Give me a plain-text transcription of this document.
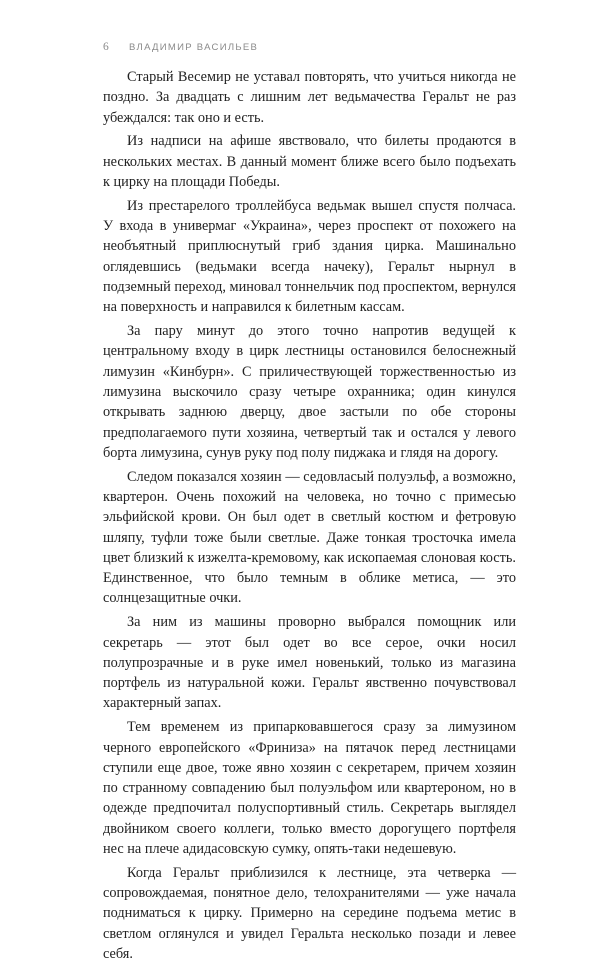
6	ВЛАДИМИР ВАСИЛЬЕВ

Старый Весемир не уставал повторять, что учиться никогда не поздно. За двадцать с лишним лет ведьмачества Геральт не раз убеждался: так оно и есть.

Из надписи на афише явствовало, что билеты продаются в нескольких местах. В данный момент ближе всего было подъехать к цирку на площади Победы.

Из престарелого троллейбуса ведьмак вышел спустя полчаса. У входа в универмаг «Украина», через проспект от похожего на необъятный приплюснутый гриб здания цирка. Машинально оглядевшись (ведьмаки всегда начеку), Геральт нырнул в подземный переход, миновал тоннельчик под проспектом, вернулся на поверхность и направился к билетным кассам.

За пару минут до этого точно напротив ведущей к центральному входу в цирк лестницы остановился белоснежный лимузин «Кинбурн». С приличествующей торжественностью из лимузина выскочило сразу четыре охранника; один кинулся открывать заднюю дверцу, двое застыли по обе стороны предполагаемого пути хозяина, четвертый так и остался у левого борта лимузина, сунув руку под полу пиджака и глядя на дорогу.

Следом показался хозяин — седовласый полуэльф, а возможно, квартерон. Очень похожий на человека, но точно с примесью эльфийской крови. Он был одет в светлый костюм и фетровую шляпу, туфли тоже были светлые. Даже тонкая тросточка имела цвет близкий к изжелта-кремовому, как ископаемая слоновая кость. Единственное, что было темным в облике метиса, — это солнцезащитные очки.

За ним из машины проворно выбрался помощник или секретарь — этот был одет во все серое, очки носил полупрозрачные и в руке имел новенький, только из магазина портфель из натуральной кожи. Геральт явственно почувствовал характерный запах.

Тем временем из припарковавшегося сразу за лимузином черного европейского «Фриниза» на пятачок перед лестницами ступили еще двое, тоже явно хозяин с секретарем, причем хозяин по странному совпадению был полуэльфом или квартероном, но в одежде предпочитал полуспортивный стиль. Секретарь выглядел двойником своего коллеги, только вместо дорогущего портфеля нес на плече адидасовскую сумку, опять-таки недешевую.

Когда Геральт приблизился к лестнице, эта четверка — сопровождаемая, понятное дело, телохранителями — уже начала подниматься к цирку. Примерно на середине подъема метис в светлом оглянулся и увидел Геральта несколько позади и левее себя.
